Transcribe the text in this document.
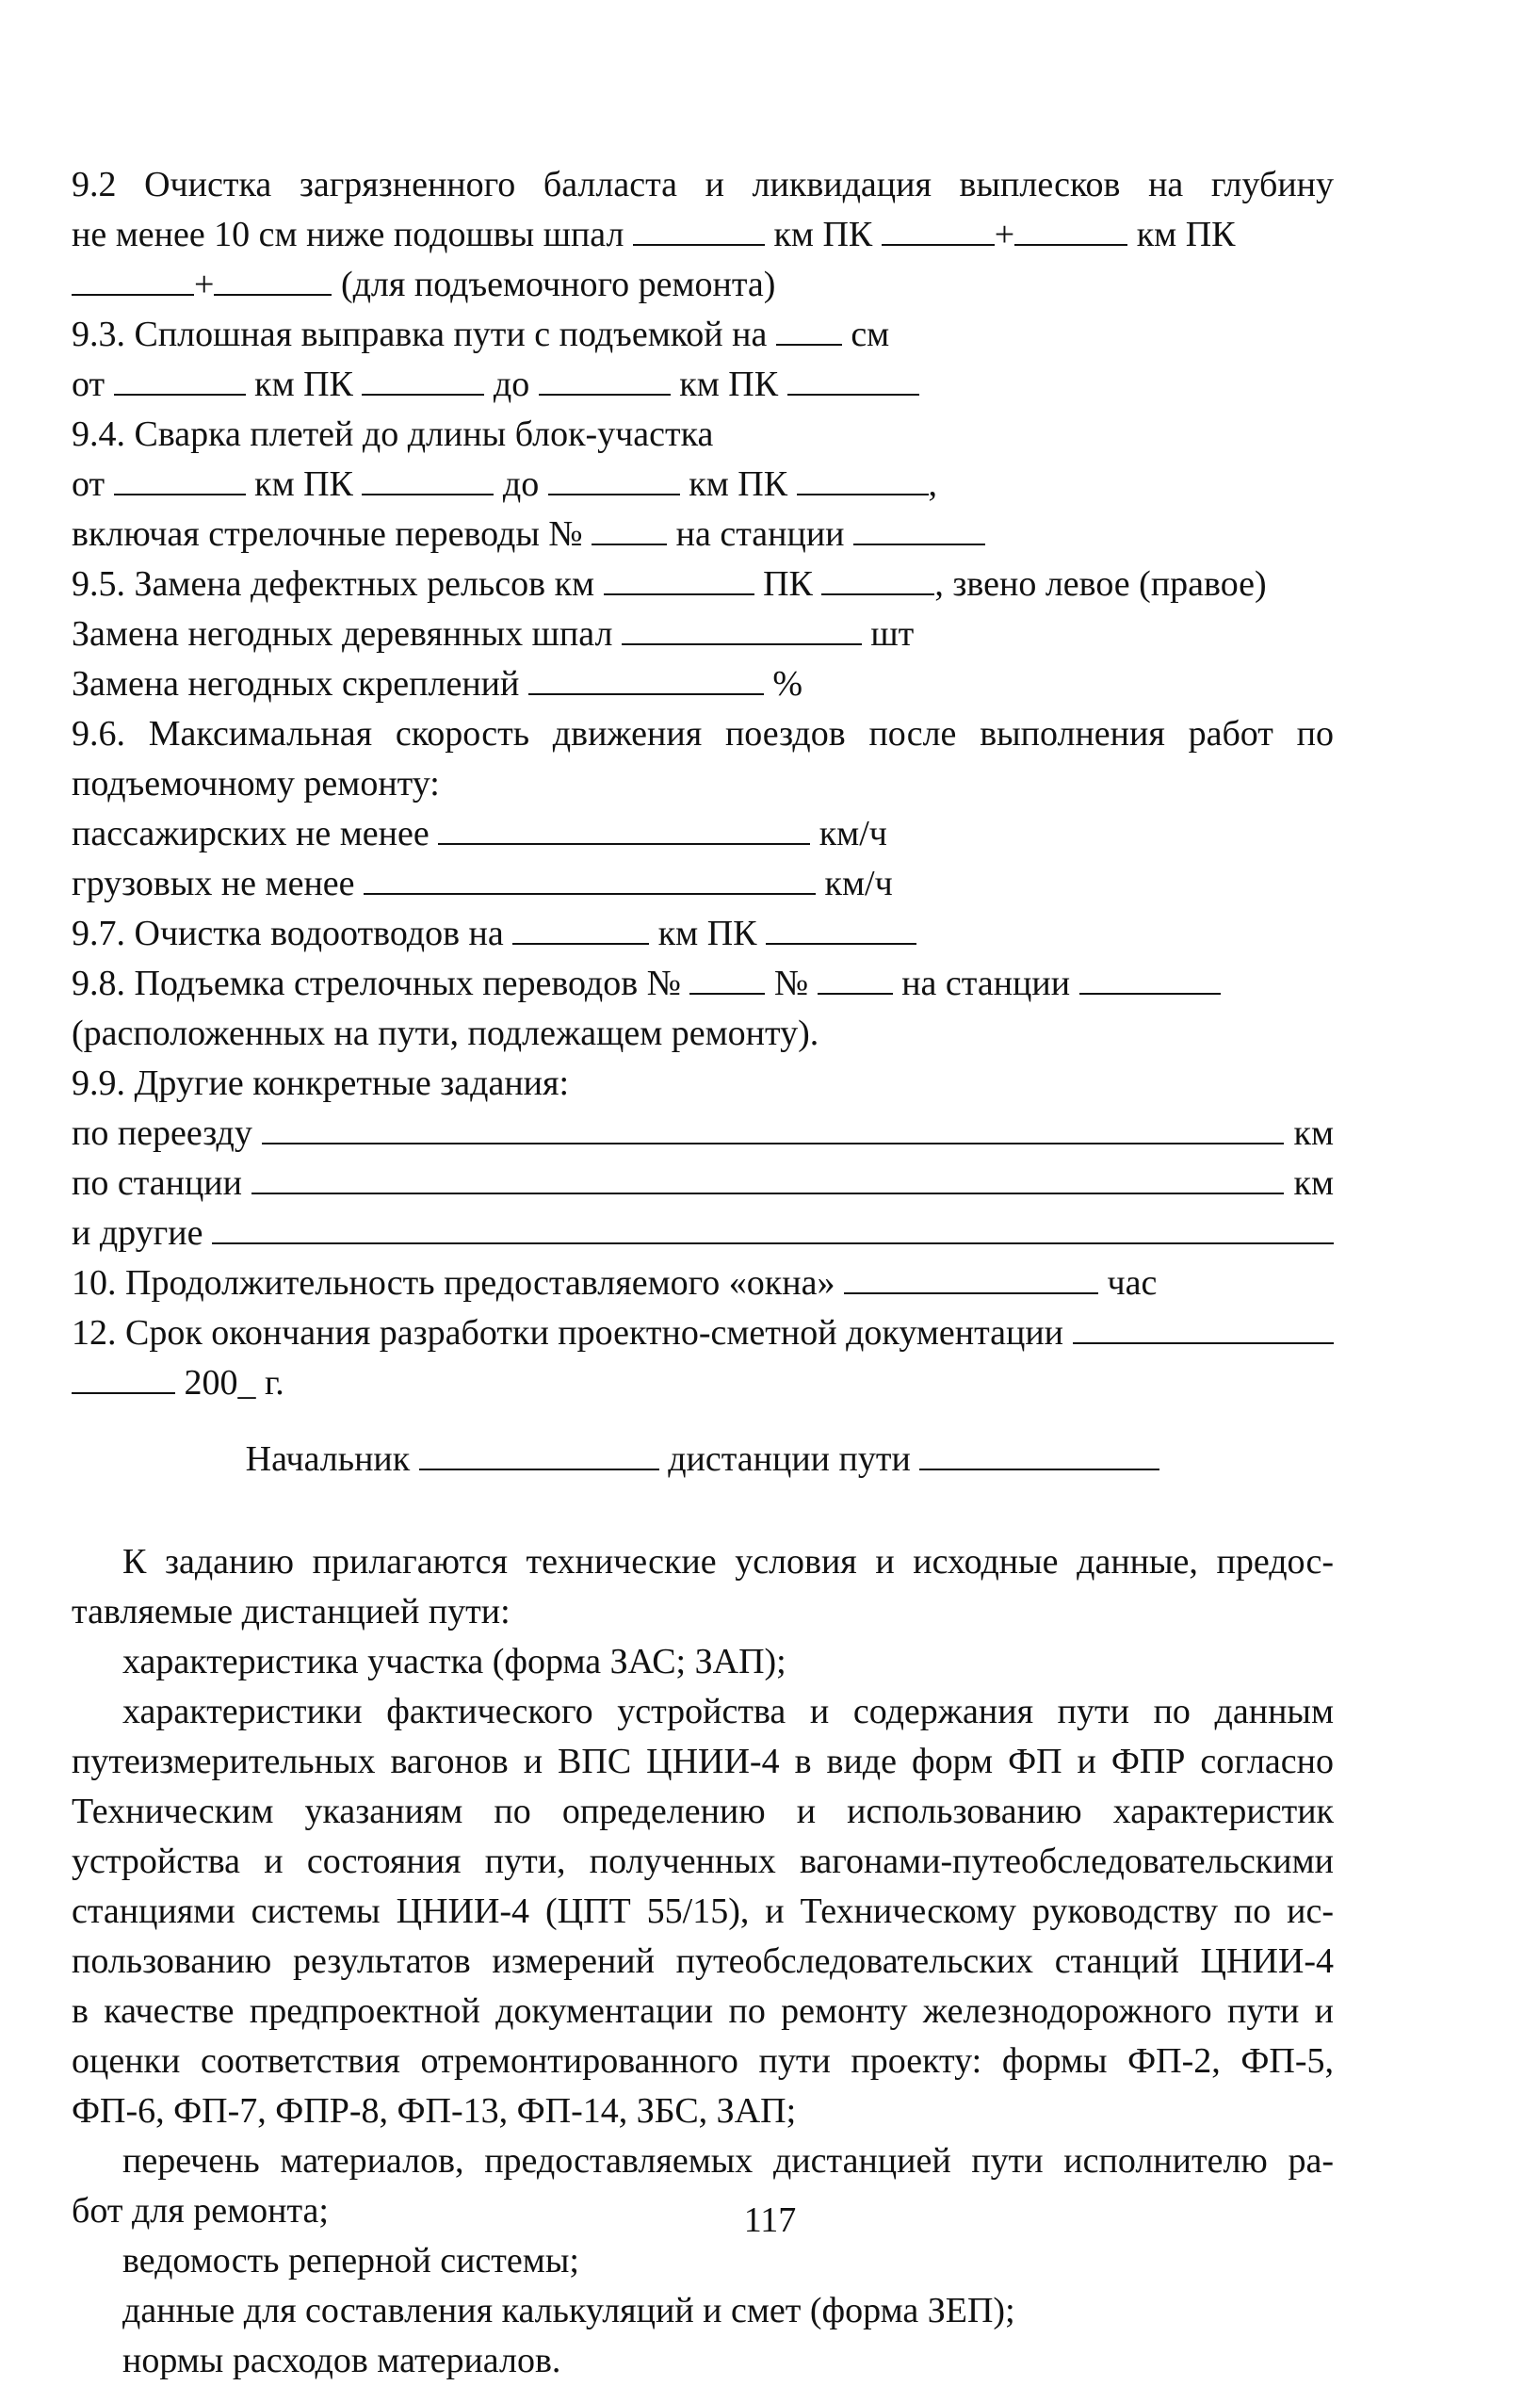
9.2 Очистка загрязненного балласта и ликвидация выплесков на глубину
не менее 10 см ниже подошвы шпал	км ПК	+	км ПК
+	(для подъемочного ремонта)
9.3. Сплошная выправка пути с подъемкой на см
от	км ПК	до	км ПК
9.4. Сварка плетей до длины блок-участка
от	км ПК	до	км ПК	,
включая стрелочные переводы №	на станции
9.5. Замена дефектных рельсов км	ПК	, звено левое (правое)
Замена негодных деревянных шпал	шт
Замена негодных скреплений	%
9.6. Максимальная скорость движения поездов после выполнения работ по
подъемочному ремонту:
пассажирских не менее	км/ч
грузовых не менее	км/ч
9.7. Очистка водоотводов на	км ПК
9.8. Подъемка стрелочных переводов №	№	на станции
(расположенных на пути, подлежащем ремонту).
9.9. Другие конкретные задания:
по переезду	км
по станции	км
и другие
10. Продолжительность предоставляемого «окна»	час
12. Срок окончания разработки проектно-сметной документации
200_ г.
Начальник	дистанции пути
К заданию прилагаются технические условия и исходные данные, предос-
тавляемые дистанцией пути:
характеристика участка (форма ЗАС; ЗАП);
характеристики фактического устройства и содержания пути по данным
путеизмерительных вагонов и ВПС ЦНИИ-4 в виде форм ФП и ФПР согласно
Техническим указаниям по определению и использованию характеристик
устройства и состояния пути, полученных вагонами-путеобследовательскими
станциями системы ЦНИИ-4 (ЦПТ 55/15), и Техническому руководству по ис-
пользованию результатов измерений путеобследовательских станций ЦНИИ-4
в качестве предпроектной документации по ремонту железнодорожного пути и
оценки соответствия отремонтированного пути проекту: формы ФП-2, ФП-5,
ФП-6, ФП-7, ФПР-8, ФП-13, ФП-14, ЗБС, ЗАП;
перечень материалов, предоставляемых дистанцией пути исполнителю ра-
бот для ремонта;
ведомость реперной системы;
данные для составления калькуляций и смет (форма ЗЕП);
нормы расходов материалов.
117
